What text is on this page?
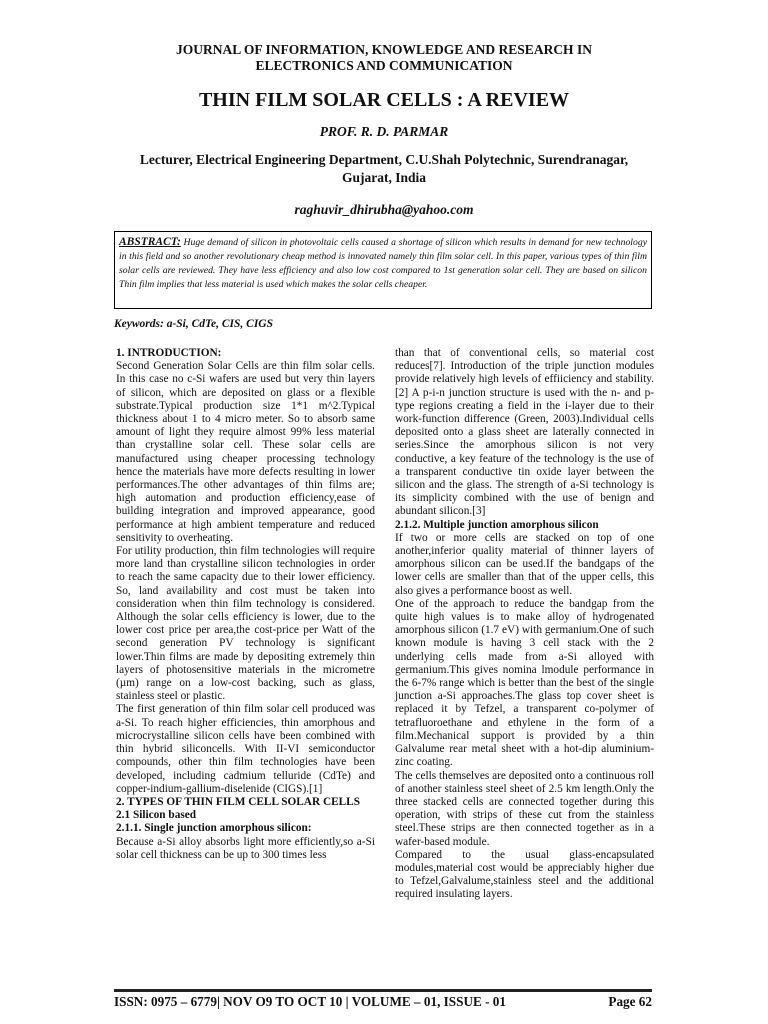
JOURNAL OF INFORMATION, KNOWLEDGE AND RESEARCH IN
ELECTRONICS AND COMMUNICATION
THIN FILM SOLAR CELLS : A REVIEW
PROF. R. D. PARMAR
Lecturer, Electrical Engineering Department, C.U.Shah Polytechnic, Surendranagar,
Gujarat, India
raghuvir_dhirubha@yahoo.com
ABSTRACT: Huge demand of silicon in photovoltaic cells caused a shortage of silicon which results in demand for new technology in this field and so another revolutionary cheap method is innovated namely thin film solar cell. In this paper, various types of thin film solar cells are reviewed. They have less efficiency and also low cost compared to 1st generation solar cell. They are based on silicon Thin film implies that less material is used which makes the solar cells cheaper.
Keywords: a-Si, CdTe, CIS, CIGS
1. INTRODUCTION:

Second Generation Solar Cells are thin film solar cells. In this case no c-Si wafers are used but very thin layers of silicon, which are deposited on glass or a flexible substrate.Typical production size 1*1 m^2.Typical thickness about 1 to 4 micro meter. So to absorb same amount of light they require almost 99% less material than crystalline solar cell. These solar cells are manufactured using cheaper processing technology hence the materials have more defects resulting in lower performances.The other advantages of thin films are; high automation and production efficiency,ease of building integration and improved appearance, good performance at high ambient temperature and reduced sensitivity to overheating.

For utility production, thin film technologies will require more land than crystalline silicon technologies in order to reach the same capacity due to their lower efficiency. So, land availability and cost must be taken into consideration when thin film technology is considered. Although the solar cells efficiency is lower, due to the lower cost price per area,the cost-price per Watt of the second generation PV technology is significant lower.Thin films are made by depositing extremely thin layers of photosensitive materials in the micrometre (µm) range on a low-cost backing, such as glass, stainless steel or plastic.

The first generation of thin film solar cell produced was a-Si. To reach higher efficiencies, thin amorphous and microcrystalline silicon cells have been combined with thin hybrid siliconcells. With II-VI semiconductor compounds, other thin film technologies have been developed, including cadmium telluride (CdTe) and copper-indium-gallium-diselenide (CIGS).[1]

2. TYPES OF THIN FILM CELL SOLAR CELLS
2.1 Silicon based
2.1.1. Single junction amorphous silicon:

Because a-Si alloy absorbs light more efficiently,so a-Si solar cell thickness can be up to 300 times less

than that of conventional cells, so material cost reduces[7]. Introduction of the triple junction modules provide relatively high levels of effiiciency and stability.[2] A p-i-n junction structure is used with the n- and p-type regions creating a field in the i-layer due to their work-function difference (Green, 2003).Individual cells deposited onto a glass sheet are laterally connected in series.Since the amorphous silicon is not very conductive, a key feature of the technology is the use of a transparent conductive tin oxide layer between the silicon and the glass. The strength of a-Si technology is its simplicity combined with the use of benign and abundant silicon.[3]

2.1.2. Multiple junction amorphous silicon

If two or more cells are stacked on top of one another,inferior quality material of thinner layers of amorphous silicon can be used.If the bandgaps of the lower cells are smaller than that of the upper cells, this also gives a performance boost as well.

One of the approach to reduce the bandgap from the quite high values is to make alloy of hydrogenated amorphous silicon (1.7 eV) with germanium.One of such known module is having 3 cell stack with the 2 underlying cells made from a-Si alloyed with germanium.This gives nomina lmodule performance in the 6-7% range which is better than the best of the single junction a-Si approaches.The glass top cover sheet is replaced it by Tefzel, a transparent co-polymer of tetrafluoroethane and ethylene in the form of a film.Mechanical support is provided by a thin Galvalume rear metal sheet with a hot-dip aluminium-zinc coating.

The cells themselves are deposited onto a continuous roll of another stainless steel sheet of 2.5 km length.Only the three stacked cells are connected together during this operation, with strips of these cut from the stainless steel.These strips are then connected together as in a wafer-based module.

Compared to the usual glass-encapsulated modules,material cost would be appreciably higher due to Tefzel,Galvalume,stainless steel and the additional required insulating layers.

ISSN: 0975 – 6779| NOV O9 TO OCT 10 | VOLUME – 01, ISSUE - 01	Page 62
